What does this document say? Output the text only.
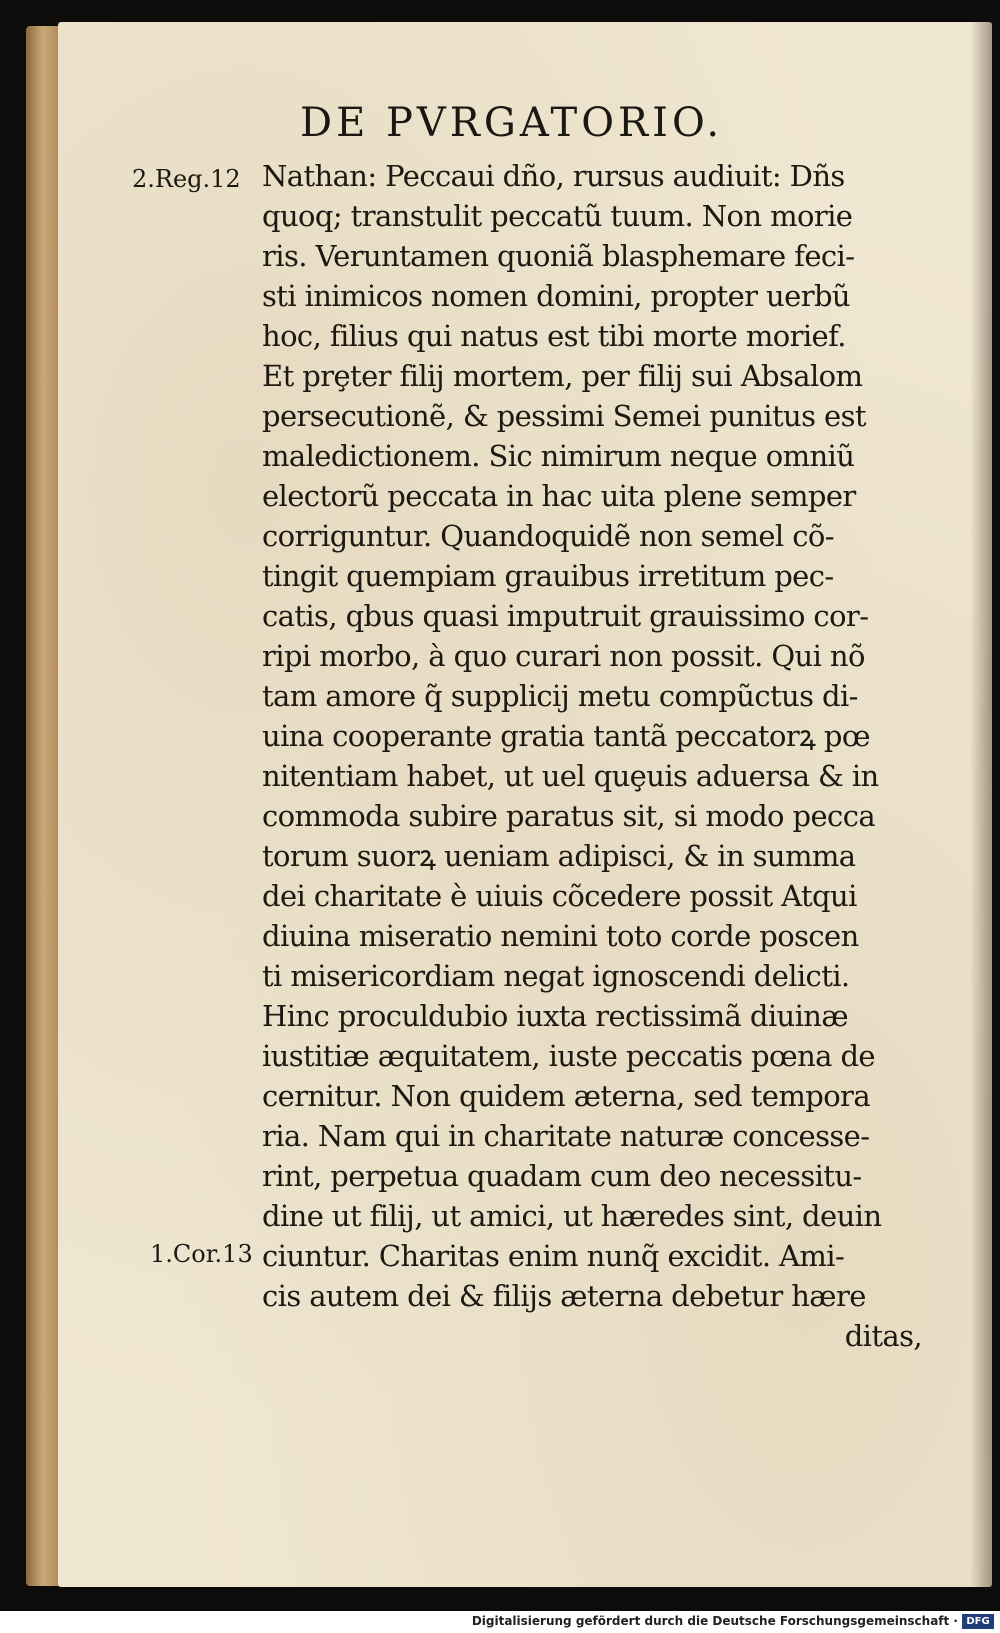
DE PVRGATORIO.
2.Reg.12
1.Cor.13
Nathan: Peccaui dño, rursus audiuit: Dñs
quoq; transtulit peccatũ tuum. Non morie
ris. Veruntamen quoniã blasphemare feci-
sti inimicos nomen domini, propter uerbũ
hoc, filius qui natus est tibi morte morief.
Et prȩter filij mortem, per filij sui Absalom
persecutionẽ, & pessimi Semei punitus est
maledictionem. Sic nimirum neque omniũ
electorũ peccata in hac uita plene semper
corriguntur. Quandoquidẽ non semel cõ-
tingit quempiam grauibus irretitum pec-
catis, qbus quasi imputruit grauissimo cor-
ripi morbo, à quo curari non possit. Qui nõ
tam amore q̃ supplicij metu compũctus di-
uina cooperante gratia tantã peccatorꝝ pœ
nitentiam habet, ut uel quȩuis aduersa & in
commoda subire paratus sit, si modo pecca
torum suorꝝ ueniam adipisci, & in summa
dei charitate è uiuis cõcedere possit Atqui
diuina miseratio nemini toto corde poscen
ti misericordiam negat ignoscendi delicti.
Hinc proculdubio iuxta rectissimã diuinæ
iustitiæ æquitatem, iuste peccatis pœna de
cernitur. Non quidem æterna, sed tempora
ria. Nam qui in charitate naturæ concesse-
rint, perpetua quadam cum deo necessitu-
dine ut filij, ut amici, ut hæredes sint, deuin
ciuntur. Charitas enim nunq̃ excidit. Ami-
cis autem dei & filijs æterna debetur hære
ditas,
Digitalisierung gefördert durch die Deutsche Forschungsgemeinschaft · DFG
